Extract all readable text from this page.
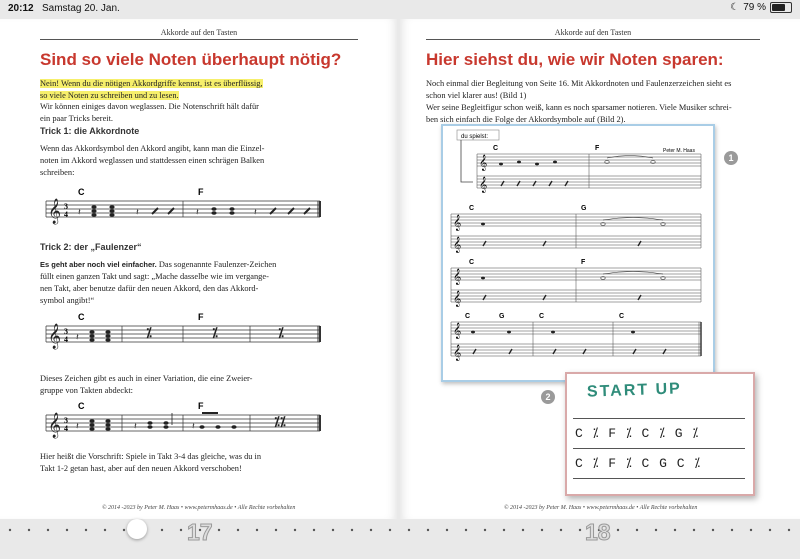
20:12 Samstag 20. Jan.	☾ 79 %
Akkorde auf den Tasten
Sind so viele Noten überhaupt nötig?
Nein! Wenn du die nötigen Akkordgriffe kennst, ist es überflüssig,
so viele Noten zu schreiben und zu lesen.
Wir können einiges davon weglassen. Die Notenschrift hält dafür
ein paar Tricks bereit.
Trick 1: die Akkordnote
Wenn das Akkordsymbol den Akkord angibt, kann man die Einzel-
noten im Akkord weglassen und stattdessen einen schrägen Balken
schreiben:
𝄞 3
4
C	F
𝄽	𝄽	𝄽	𝄽
Trick 2: der „Faulenzer“
Es geht aber noch viel einfacher. Das sogenannte Faulenzer-Zeichen
füllt einen ganzen Takt und sagt: „Mache dasselbe wie im vergange-
nen Takt, aber benutze dafür den neuen Akkord, den das Akkord-
symbol angibt!“
𝄞 3
4
C	F
𝄽	⁒	⁒	⁒
Dieses Zeichen gibt es auch in einer Variation, die eine Zweier-
gruppe von Takten abdeckt:
𝄞 3
4
C	F
𝄽	𝄽	𝄽	⁒⁒
Hier heißt die Vorschrift: Spiele in Takt 3-4 das gleiche, was du in
Takt 1-2 getan hast, aber auf den neuen Akkord verschoben!
© 2014 -2023 by Peter M. Haas • www.petermhaas.de • Alle Rechte vorbehalten
Akkorde auf den Tasten
Hier siehst du, wie wir Noten sparen:
Noch einmal dier Begleitung von Seite 16. Mit Akkordnoten und Faulenzerzeichen sieht es
schon viel klarer aus! (Bild 1)
Wer seine Begleitfigur schon weiß, kann es noch sparsamer notieren. Viele Musiker schrei-
ben sich einfach die Folge der Akkordsymbole auf (Bild 2).
© 2014 -2023 by Peter M. Haas • www.petermhaas.de • Alle Rechte vorbehalten
du spielst:
Peter M. Haas
C	F
𝄞
𝄞
C	G
𝄞
𝄞
C	F
𝄞
𝄞
C	G	C	C
𝄞
𝄞
1
2 START UP
C ⁒ F ⁒ C ⁒ G ⁒
C ⁒ F ⁒ C G C ⁒
17	18
